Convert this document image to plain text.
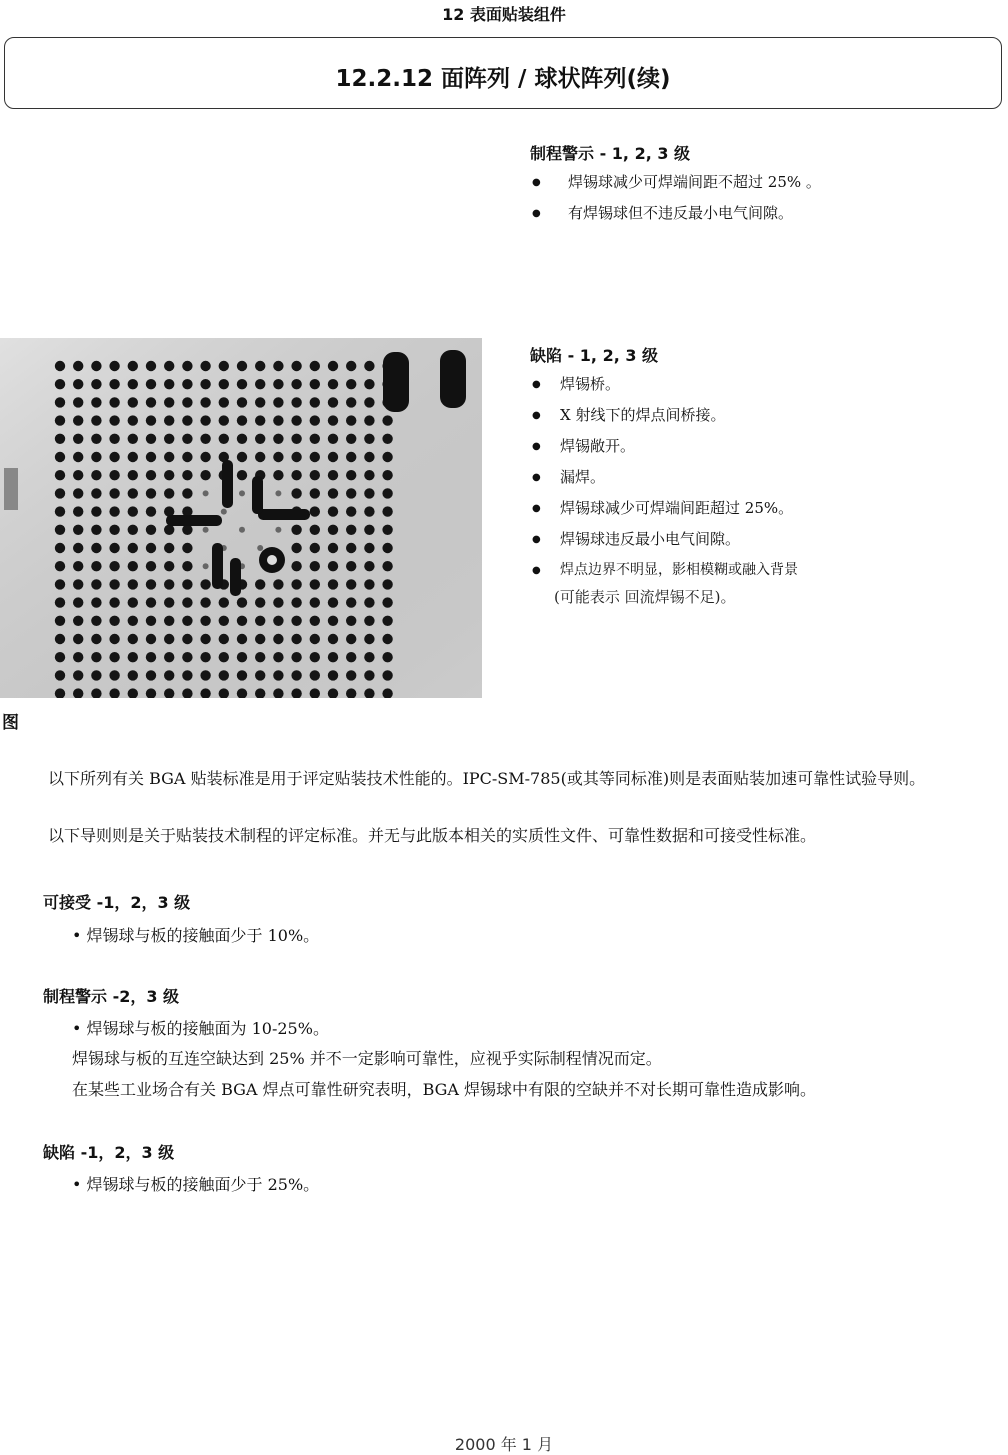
12 表面贴装组件
12.2.12 面阵列 / 球状阵列(续)
制程警示 - 1, 2, 3 级
● 焊锡球减少可焊端间距不超过 25% 。
● 有焊锡球但不违反最小电气间隙。
缺陷 - 1, 2, 3 级
● 焊锡桥。
● X 射线下的焊点间桥接。
● 焊锡敞开。
● 漏焊。
● 焊锡球减少可焊端间距超过 25%。
● 焊锡球违反最小电气间隙。
● 焊点边界不明显，影相模糊或融入背景
(可能表示 回流焊锡不足)。
图
以下所列有关 BGA 贴装标准是用于评定贴装技术性能的。IPC-SM-785(或其等同标准)则是表面贴装加速可靠性试验导则。
以下导则则是关于贴装技术制程的评定标准。并无与此版本相关的实质性文件、可靠性数据和可接受性标准。
可接受 -1，2，3 级
• 焊锡球与板的接触面少于 10%。
制程警示 -2，3 级
• 焊锡球与板的接触面为 10-25%。
焊锡球与板的互连空缺达到 25% 并不一定影响可靠性，应视乎实际制程情况而定。
在某些工业场合有关 BGA 焊点可靠性研究表明，BGA 焊锡球中有限的空缺并不对长期可靠性造成影响。
缺陷 -1，2，3 级
• 焊锡球与板的接触面少于 25%。
2000 年 1 月
